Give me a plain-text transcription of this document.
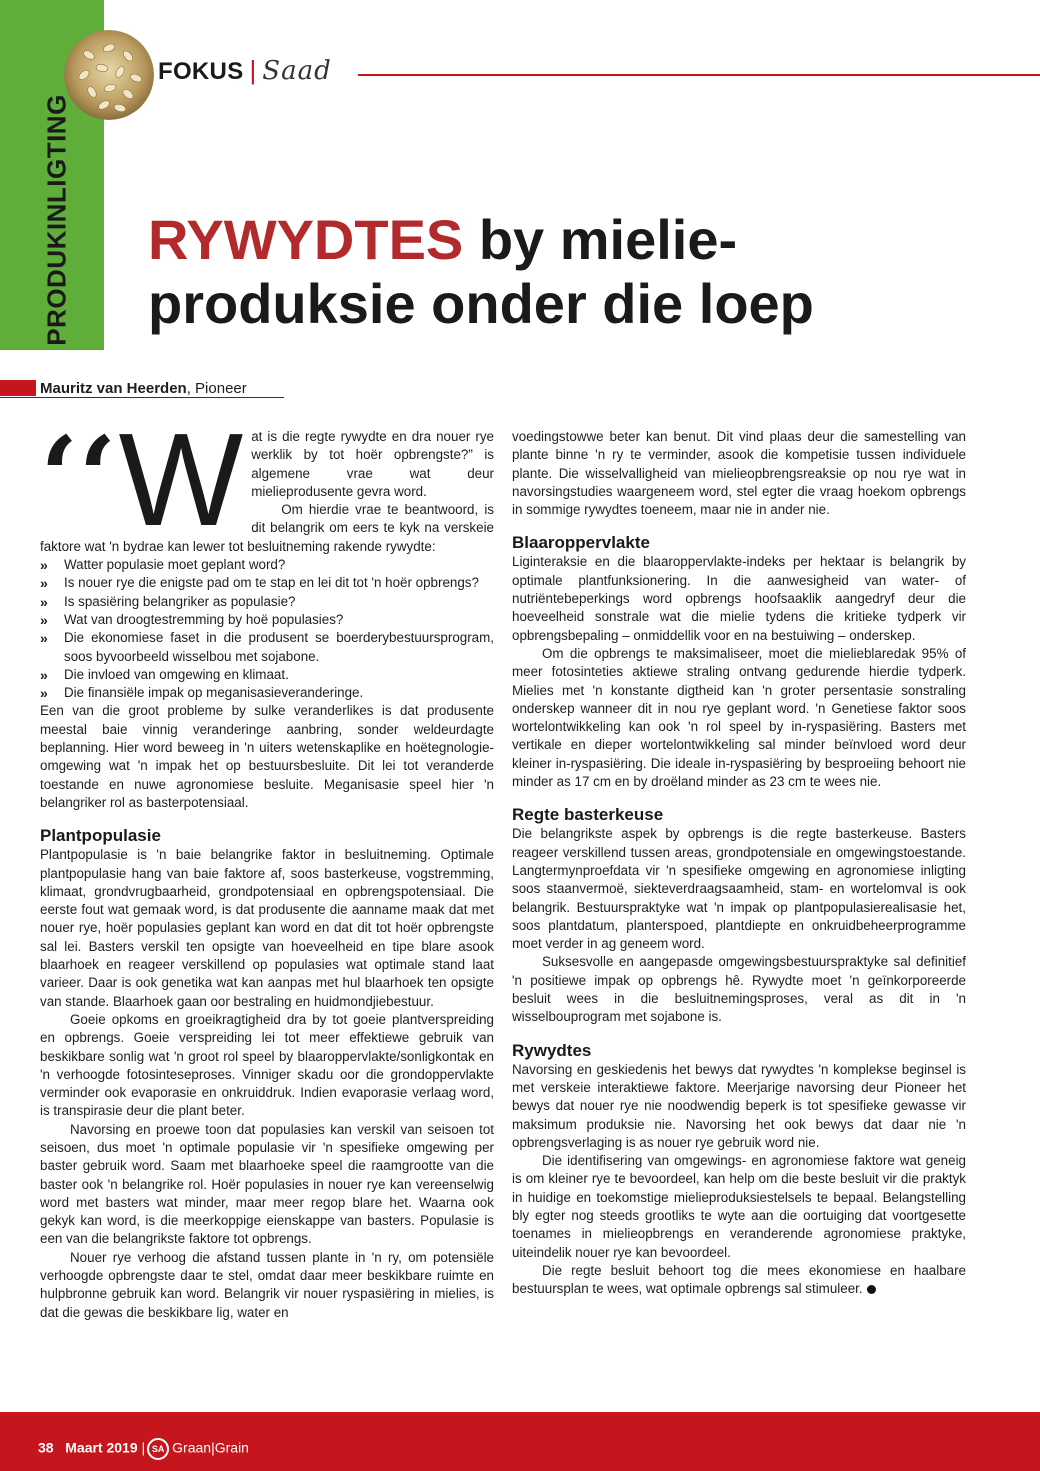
PRODUKINLIGTING
FOKUS | Saad
RYWYDTES by mielie-
produksie onder die loep
Mauritz van Heerden, Pioneer
‘‘ W at is die regte rywydte en dra nouer rye werklik by tot hoër opbrengste?” is algemene vrae wat deur mielieprodusente gevra word.

Om hierdie vrae te beantwoord, is dit belangrik om eers te kyk na verskeie faktore wat 'n bydrae kan lewer tot besluitneming rakende rywydte:

» Watter populasie moet geplant word?
» Is nouer rye die enigste pad om te stap en lei dit tot 'n hoër opbrengs?
» Is spasiëring belangriker as populasie?
» Wat van droogtestremming by hoë populasies?
» Die ekonomiese faset in die produsent se boerderybestuursprogram, soos byvoorbeeld wisselbou met sojabone.
» Die invloed van omgewing en klimaat.
» Die finansiële impak op meganisasieveranderinge.

Een van die groot probleme by sulke veranderlikes is dat produsente meestal baie vinnig veranderinge aanbring, sonder weldeurdagte beplanning. Hier word beweeg in 'n uiters wetenskaplike en hoëtegnologie-omgewing wat 'n impak het op bestuursbesluite. Dit lei tot veranderde toestande en nuwe agronomiese besluite. Meganisasie speel hier 'n belangriker rol as basterpotensiaal.

Plantpopulasie

Plantpopulasie is 'n baie belangrike faktor in besluitneming. Optimale plantpopulasie hang van baie faktore af, soos basterkeuse, vogstremming, klimaat, grondvrugbaarheid, grondpotensiaal en opbrengspotensiaal. Die eerste fout wat gemaak word, is dat produsente die aanname maak dat met nouer rye, hoër populasies geplant kan word en dat dit tot hoër opbrengste sal lei. Basters verskil ten opsigte van hoeveelheid en tipe blare asook blaarhoek en reageer verskillend op populasies wat optimale stand laat varieer. Daar is ook genetika wat kan aanpas met hul blaarhoek ten opsigte van stande. Blaarhoek gaan oor bestraling en huidmondjiebestuur.

Goeie opkoms en groeikragtigheid dra by tot goeie plantverspreiding en opbrengs. Goeie verspreiding lei tot meer effektiewe gebruik van beskikbare sonlig wat 'n groot rol speel by blaaroppervlakte/sonligkontak en 'n verhoogde fotosinteseproses. Vinniger skadu oor die grondoppervlakte verminder ook evaporasie en onkruiddruk. Indien evaporasie verlaag word, is transpirasie deur die plant beter.

Navorsing en proewe toon dat populasies kan verskil van seisoen tot seisoen, dus moet 'n optimale populasie vir 'n spesifieke omgewing per baster gebruik word. Saam met blaarhoeke speel die raamgrootte van die baster ook 'n belangrike rol. Hoër populasies in nouer rye kan vereenselwig word met basters wat minder, maar meer regop blare het. Waarna ook gekyk kan word, is die meerkoppige eienskappe van basters. Populasie is een van die belangrikste faktore tot opbrengs.

Nouer rye verhoog die afstand tussen plante in 'n ry, om potensiële verhoogde opbrengste daar te stel, omdat daar meer beskikbare ruimte en hulpbronne gebruik kan word. Belangrik vir nouer ryspasiëring in mielies, is dat die gewas die beskikbare lig, water en

voedingstowwe beter kan benut. Dit vind plaas deur die samestelling van plante binne 'n ry te verminder, asook die kompetisie tussen individuele plante. Die wisselvalligheid van mielieopbrengsreaksie op nou rye wat in navorsingstudies waargeneem word, stel egter die vraag hoekom opbrengs in sommige rywydtes toeneem, maar nie in ander nie.

Blaaroppervlakte

Liginteraksie en die blaaroppervlakte-indeks per hektaar is belangrik by optimale plantfunksionering. In die aanwesigheid van water- of nutriëntebeperkings word opbrengs hoofsaaklik aangedryf deur die hoeveelheid sonstrale wat die mielie tydens die kritieke tydperk vir opbrengsbepaling – onmiddellik voor en na bestuiwing – onderskep.

Om die opbrengs te maksimaliseer, moet die mielieblaredak 95% of meer fotosinteties aktiewe straling ontvang gedurende hierdie tydperk. Mielies met 'n konstante digtheid kan 'n groter persentasie sonstraling onderskep wanneer dit in nou rye geplant word. 'n Genetiese faktor soos wortelontwikkeling kan ook 'n rol speel by in-ryspasiëring. Basters met vertikale en dieper wortelontwikkeling sal minder beïnvloed word deur kleiner in-ryspasiëring. Die ideale in-ryspasiëring by besproeiing behoort nie minder as 17 cm en by droëland minder as 23 cm te wees nie.

Regte basterkeuse

Die belangrikste aspek by opbrengs is die regte basterkeuse. Basters reageer verskillend tussen areas, grondpotensiale en omgewingstoestande. Langtermynproefdata vir 'n spesifieke omgewing en agronomiese inligting soos staanvermoë, siekteverdraagsaamheid, stam- en wortelomval is ook belangrik. Bestuurspraktyke wat 'n impak op plantpopulasierealisasie het, soos plantdatum, planterspoed, plantdiepte en onkruidbeheerprogramme moet verder in ag geneem word.

Suksesvolle en aangepasde omgewingsbestuurspraktyke sal definitief 'n positiewe impak op opbrengs hê. Rywydte moet 'n geïnkorporeerde besluit wees in die besluitnemingsproses, veral as dit in 'n wisselbouprogram met sojabone is.

Rywydtes

Navorsing en geskiedenis het bewys dat rywydtes 'n komplekse beginsel is met verskeie interaktiewe faktore. Meerjarige navorsing deur Pioneer het bewys dat nouer rye nie noodwendig beperk is tot spesifieke gewasse vir maksimum produksie nie. Navorsing het ook bewys dat daar nie 'n opbrengsverlaging is as nouer rye gebruik word nie.

Die identifisering van omgewings- en agronomiese faktore wat geneig is om kleiner rye te bevoordeel, kan help om die beste besluit vir die praktyk in huidige en toekomstige mielieproduksiestelsels te bepaal. Belangstelling bly egter nog steeds grootliks te wyte aan die oortuiging dat voortgesette toenames in mielieopbrengs en veranderende agronomiese praktyke, uiteindelik nouer rye kan bevoordeel.

Die regte besluit behoort tog die mees ekonomiese en haalbare bestuursplan te wees, wat optimale opbrengs sal stimuleer.

38 Maart 2019 | SA Graan|Grain
